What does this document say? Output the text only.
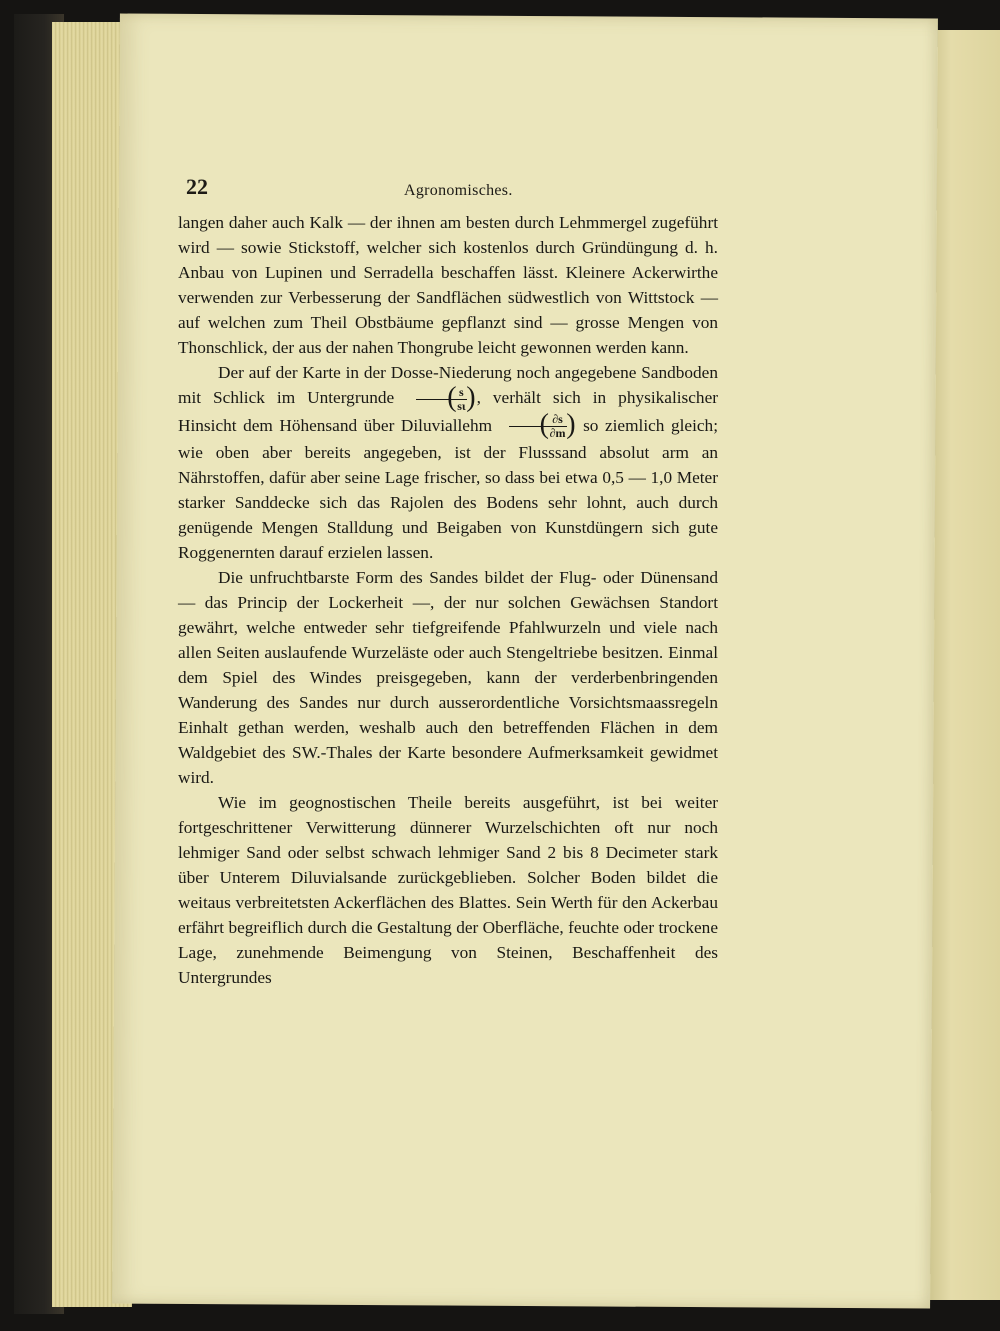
22	Agronomisches.

langen daher auch Kalk — der ihnen am besten durch Lehmmergel zugeführt wird — sowie Stickstoff, welcher sich kostenlos durch Gründüngung d. h. Anbau von Lupinen und Serradella beschaffen lässt. Kleinere Ackerwirthe verwenden zur Verbesserung der Sandflächen südwestlich von Wittstock — auf welchen zum Theil Obstbäume gepflanzt sind — grosse Mengen von Thonschlick, der aus der nahen Thongrube leicht gewonnen werden kann.

Der auf der Karte in der Dosse-Niederung noch angegebene Sandboden mit Schlick im Untergrunde ( $\frac{s}{s\iota}$
) , verhält sich in physikalischer Hinsicht dem Höhensand über Diluviallehm ( $\frac{\partial s}{\partial m}$
) so ziemlich gleich; wie oben aber bereits angegeben, ist der Flusssand absolut arm an Nährstoffen, dafür aber seine Lage frischer, so dass bei etwa 0,5 — 1,0 Meter starker Sanddecke sich das Rajolen des Bodens sehr lohnt, auch durch genügende Mengen Stalldung und Beigaben von Kunstdüngern sich gute Roggenernten darauf erzielen lassen.

Die unfruchtbarste Form des Sandes bildet der Flug- oder Dünensand — das Princip der Lockerheit —, der nur solchen Gewächsen Standort gewährt, welche entweder sehr tiefgreifende Pfahlwurzeln und viele nach allen Seiten auslaufende Wurzeläste oder auch Stengeltriebe besitzen. Einmal dem Spiel des Windes preisgegeben, kann der verderbenbringenden Wanderung des Sandes nur durch ausserordentliche Vorsichtsmaassregeln Einhalt gethan werden, weshalb auch den betreffenden Flächen in dem Waldgebiet des SW.-Thales der Karte besondere Aufmerksamkeit gewidmet wird.

Wie im geognostischen Theile bereits ausgeführt, ist bei weiter fortgeschrittener Verwitterung dünnerer Wurzelschichten oft nur noch lehmiger Sand oder selbst schwach lehmiger Sand 2 bis 8 Decimeter stark über Unterem Diluvialsande zurückgeblieben. Solcher Boden bildet die weitaus verbreitetsten Ackerflächen des Blattes. Sein Werth für den Ackerbau erfährt begreiflich durch die Gestaltung der Oberfläche, feuchte oder trockene Lage, zunehmende Beimengung von Steinen, Beschaffenheit des Untergrundes
